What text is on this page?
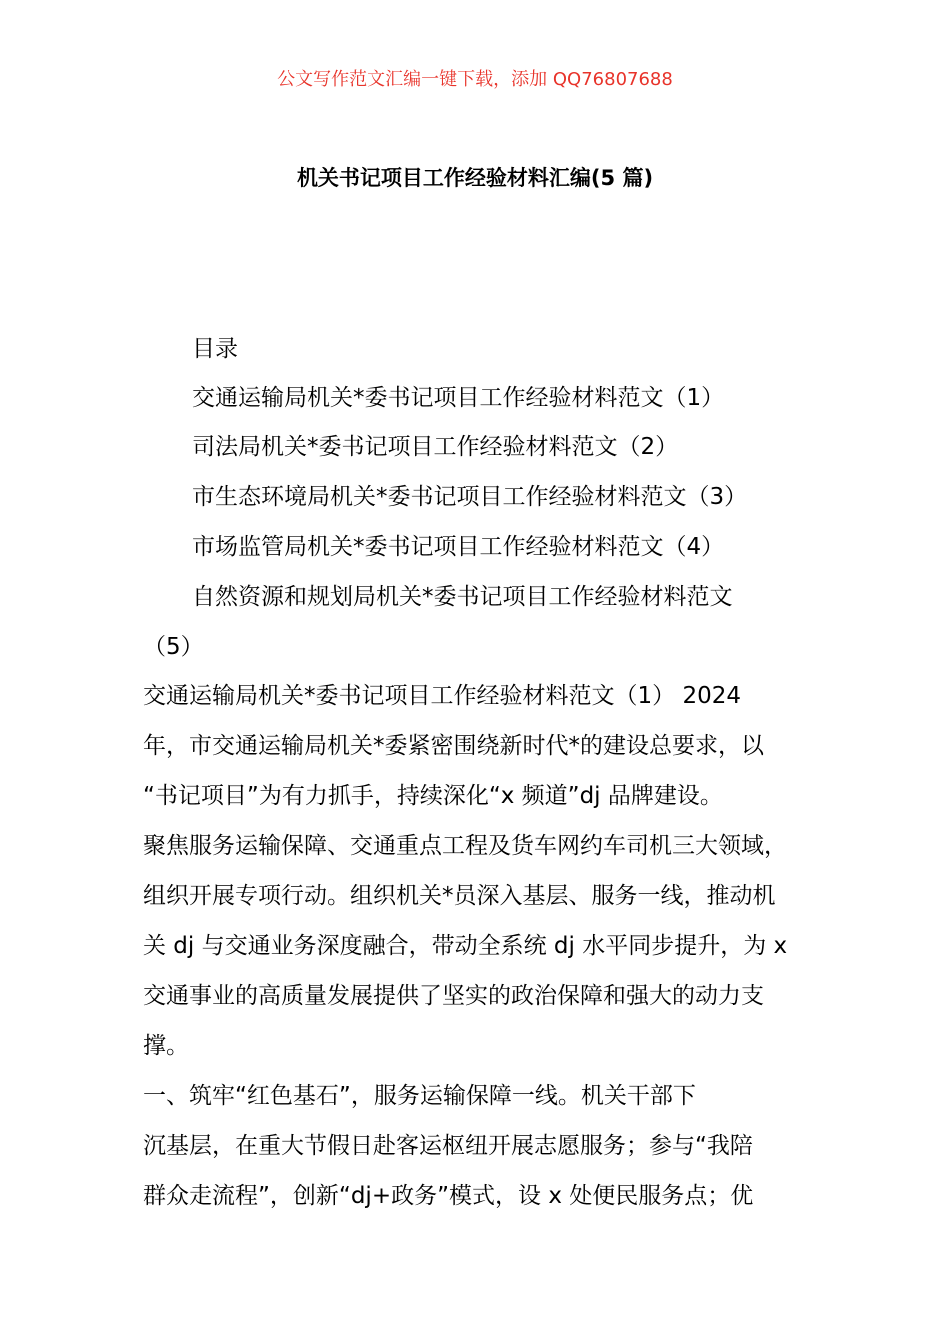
公文写作范文汇编一键下载，添加 QQ76807688
机关书记项目工作经验材料汇编(5 篇)
目录
交通运输局机关*委书记项目工作经验材料范文（1）
司法局机关*委书记项目工作经验材料范文（2）
市生态环境局机关*委书记项目工作经验材料范文（3）
市场监管局机关*委书记项目工作经验材料范文（4）
自然资源和规划局机关*委书记项目工作经验材料范文
（5）
交通运输局机关*委书记项目工作经验材料范文（1） 2024
年，市交通运输局机关*委紧密围绕新时代*的建设总要求，以
“书记项目”为有力抓手，持续深化“x 频道”dj 品牌建设。
聚焦服务运输保障、交通重点工程及货车网约车司机三大领域，
组织开展专项行动。组织机关*员深入基层、服务一线，推动机
关 dj 与交通业务深度融合，带动全系统 dj 水平同步提升，为 x
交通事业的高质量发展提供了坚实的政治保障和强大的动力支
撑。
一、筑牢“红色基石”，服务运输保障一线。机关干部下
沉基层，在重大节假日赴客运枢纽开展志愿服务；参与“我陪
群众走流程”，创新“dj+政务”模式，设 x 处便民服务点；优
